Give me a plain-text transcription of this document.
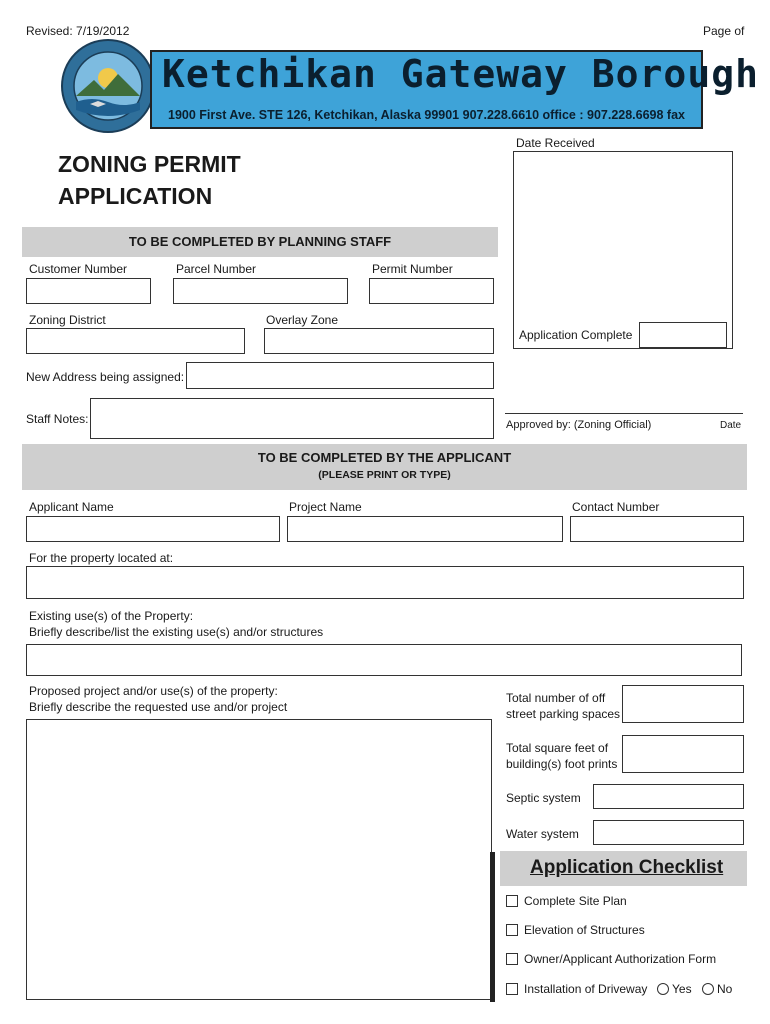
Revised: 7/19/2012	Page of
Ketchikan Gateway Borough
1900 First Ave. STE 126, Ketchikan, Alaska 99901 907.228.6610 office : 907.228.6698 fax
ZONING PERMIT
APPLICATION
Date Received
Application Complete
TO BE COMPLETED BY PLANNING STAFF
Customer Number	Parcel Number	Permit Number
Zoning District	Overlay Zone
New Address being assigned:
Staff Notes:	Approved by: (Zoning Official)	Date
TO BE COMPLETED BY THE APPLICANT
(PLEASE PRINT OR TYPE)
Applicant Name	Project Name	Contact Number
For the property located at:
Existing use(s) of the Property:
Briefly describe/list the existing use(s) and/or structures
Proposed project and/or use(s) of the property:
Briefly describe the requested use and/or project
Total number of off
street parking spaces
Total square feet of
building(s) foot prints
Septic system
Water system
Application Checklist
Complete Site Plan
Elevation of Structures
Owner/Applicant Authorization Form
Installation of Driveway Yes No
